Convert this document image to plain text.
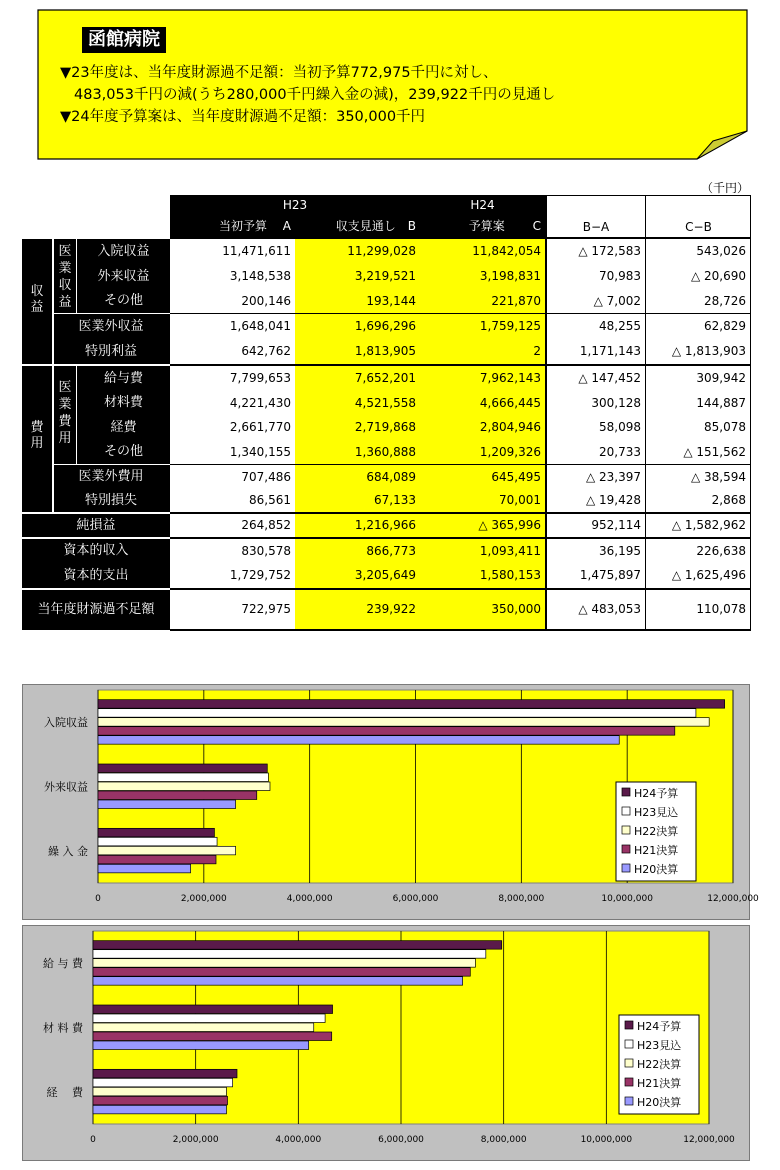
函館病院
▼23年度は、当年度財源過不足額：当初予算772,975千円に対し、
483,053千円の減(うち280,000千円繰入金の減)，239,922千円の見通し
▼24年度予算案は、当年度財源過不足額：350,000千円
（千円）
H23	H24
当初予算　 A	収支見通し　B	予算案　　 C	B−A	C−B
収
益
費
用
医
業
収
益
医
業
費
用
入院収益	11,471,611	11,299,028	11,842,054	△ 172,583	543,026
外来収益	3,148,538	3,219,521	3,198,831	70,983	△ 20,690
その他	200,146	193,144	221,870	△ 7,002	28,726
医業外収益	1,648,041	1,696,296	1,759,125	48,255	62,829
特別利益	642,762	1,813,905	2	1,171,143	△ 1,813,903
給与費	7,799,653	7,652,201	7,962,143	△ 147,452	309,942
材料費	4,221,430	4,521,558	4,666,445	300,128	144,887
経費	2,661,770	2,719,868	2,804,946	58,098	85,078
その他	1,340,155	1,360,888	1,209,326	20,733	△ 151,562
医業外費用	707,486	684,089	645,495	△ 23,397	△ 38,594
特別損失	86,561	67,133	70,001	△ 19,428	2,868
純損益	264,852	1,216,966	△ 365,996	952,114	△ 1,582,962
資本的収入	830,578	866,773	1,093,411	36,195	226,638
資本的支出	1,729,752	3,205,649	1,580,153	1,475,897	△ 1,625,496
当年度財源過不足額	722,975	239,922	350,000	△ 483,053	110,078
0	2,000,000	4,000,000	6,000,000	8,000,000	10,000,000	12,000,000
入院収益
外来収益
繰 入 金
H24予算
H23見込
H22決算
H21決算
H20決算
0	2,000,000	4,000,000	6,000,000	8,000,000	10,000,000	12,000,000
給 与 費
材 料 費
経　 費
H24予算
H23見込
H22決算
H21決算
H20決算
